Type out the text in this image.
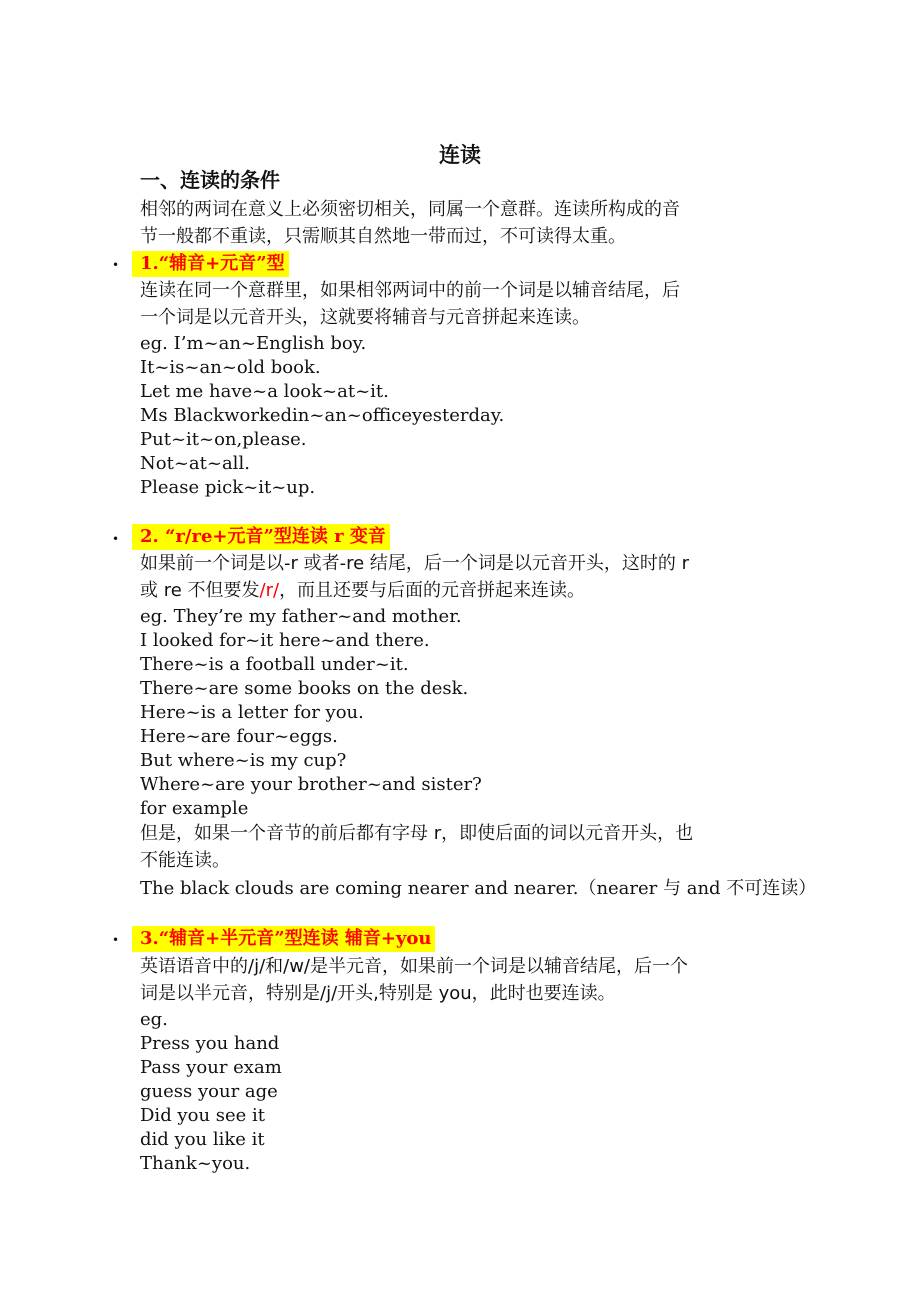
连读
一、连读的条件
相邻的两词在意义上必须密切相关，同属一个意群。连读所构成的音
节一般都不重读，只需顺其自然地一带而过，不可读得太重。
•	1.“辅音+元音”型
连读在同一个意群里，如果相邻两词中的前一个词是以辅音结尾，后
一个词是以元音开头，这就要将辅音与元音拼起来连读。
eg. I’m~an~English boy.
It~is~an~old book.
Let me have~a look~at~it.
Ms Blackworkedin~an~officeyesterday.
Put~it~on,please.
Not~at~all.
Please pick~it~up.
•	2. “r/re+元音”型连读 r 变音
如果前一个词是以-r 或者-re 结尾，后一个词是以元音开头，这时的 r
或 re 不但要发/r/，而且还要与后面的元音拼起来连读。
eg. They’re my father~and mother.
I looked for~it here~and there.
There~is a football under~it.
There~are some books on the desk.
Here~is a letter for you.
Here~are four~eggs.
But where~is my cup?
Where~are your brother~and sister?
for example
但是，如果一个音节的前后都有字母 r，即使后面的词以元音开头，也
不能连读。
The black clouds are coming nearer and nearer.（nearer 与 and 不可连读）
•	3.“辅音+半元音”型连读 辅音+you
英语语音中的/j/和/w/是半元音，如果前一个词是以辅音结尾，后一个
词是以半元音，特别是/j/开头,特别是 you，此时也要连读。
eg.
Press you hand
Pass your exam
guess your age
Did you see it
did you like it
Thank~you.
